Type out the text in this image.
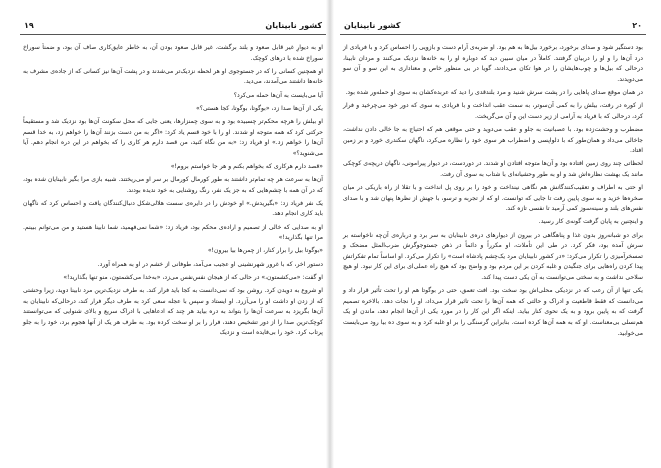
کشور نابینایان
۱۹

او به دیوارِ غیر قابل صعود و بلند برگشت. غیر قابل صعود بودن آن، به خاطر عایق‌کاری صاف آن بود، و ضمناً سوراخ سوراخ شده با درهای کوچک.

او همچنین کسانی را که در جستوجوی او هر لحظه نزدیک‌تر می‌شدند و در پشت آن‌ها نیز کسانی که از جاده‌ی مشرف به خانه‌ها داشتند می‌آمدند، می‌دید.

آیا می‌بایست به آن‌ها حمله می‌کرد؟

یکی از آن‌ها صدا زد، «بوگوتا، بوگوتا، کجا هستی؟»

او بیلش را هرچه محکم‌تر چسبیده بود و به سوی چمنزارها، یعنی جایی که محل سکونت آن‌ها بود نزدیک شد و مستقیماً حرکتی کرد که همه متوجه او شدند. او را با خود قسم یاد کرد: «اگر به من دست بزنند آن‌ها را خواهم زد، به خدا قسم آن‌ها را خواهم زد.» او فریاد زد: «به من نگاه کنید، من قصد دارم هر کاری را که بخواهم در این دره انجام دهم. آیا می‌شنوید؟»

«قصد دارم هرکاری که بخواهم بکنم و هر جا خواستم بروم!»

آن‌ها به سرعت هر چه تمام‌تر داشتند به طور کورمال کورمال بر سر او می‌ریختند. شبیه بازی مرا بگیر نابینایان شده بود، که در آن همه با چشم‌هایی که به جز یک نفر، رنگ روشنایی به خود ندیده بودند.

یک نفر فریاد زد: «بگیریدش.» او خودش را در دایره‌ی سست هلالی‌شکل دنبال‌کنندگان یافت و احساس کرد که ناگهان باید کاری انجام دهد.

او به صدایی که خالی از تصمیم و اراده‌ی محکم بود، فریاد زد: «شما نمی‌فهمید، شما نابینا هستید و من می‌توانم ببینم. مرا تنها بگذارید!»

«بوگوتا بیل را برار کنار، از چمن‌ها بیا بیرون!»

دستور اخر، که با غرور شهرنشینی او عجیب می‌آمد، طوفانی از خشم در او به همراه آورد.

او گفت: «می‌کشمتون،» در حالی که از هیجان نفس‌نفس می‌زد، «به‌خدا می‌کشمتون، منو تنها بگذارید!»

او شروع به دویدن کرد. روشن بود که نمی‌دانست به کجا باید فرار کند. به طرف نزدیک‌ترین مرد نابینا دوید، زیرا وحشتی که از زدن او داشت او را می‌آزرد. او ایستاد و سپس با عجله سعی کرد به طرف دیگر فرار کند، درحالی‌که نابینایان به آن‌ها بگریزد به سرعت آن‌ها را بتواند به دره بیاید هر چند که ادعاهایی با ادراک سریع و بالای شنوایی که می‌توانستند کوچک‌ترین صدا را از دور تشخیص دهند، فرار را بر او سخت کرده بود. به طرف هر یک از آنها هجوم برد، خود را به جلو پرتاب کرد. خود را بی‌فایده است و نزدیک

کشور نابینایان	۲۰

بود دستگیر شود و صدای برخورد، برخورد بیل‌ها به هم بود. او ضربه‌ی آرام دست و بازویی را احساس کرد و با فریادی از درد آن‌ها را و او را دربیان گرفتند. کاملاً در میان سیبن دید که دوباره او را به خانه‌ها نزدیک می‌کنند و مردان نابینا، درحالی که بیل‌ها و چوب‌هایشان را در هوا تکان می‌دادند، گویا در بی منظور خاص و معناداری به این سو و آن سو می‌دویدند.

در همان موقع صدای پاهایی را در پشت سرش شنید و مرد بلندقدی را دید که عربده‌کشان به سوی او حمله‌ور شده بود.

از کوره در رفت، بیلش را به کمی آن‌سوتر، به سمت عقب انداخت و با فریادی به سوی که دور خود می‌چرخید و فرار کرد، درحالی که با فریاد به آرامی از زیر دست این و آن می‌گریخت.

مضطرب و وحشت‌زده بود. با عصبانیت به جلو و عقب می‌دوید و حتی موقعی هم که احتیاج به جا خالی دادن نداشت، جاخالی می‌داد و همان‌طور که با دلواپسی و اضطراب هر سوی خود را نظاره می‌کرد، ناگهان سکندری خورد و بر زمین افتاد.

لحظاتی چند روی زمین افتاده بود و آن‌ها متوجه افتادن او شدند. در دوردست، در دیوار پیرامونی، ناگهان دریچه‌ی کوچکی مانند یک بهشت نظاره‌اش شد و او به طور وحشیانه‌ای با شتاب به سوی آن رفت.

او حتی به اطراف و تعقیب‌کنندگانش هم نگاهی نینداخت و خود را بر روی پل انداخت و با تقلا از راه باریکی در میان صخره‌ها خزید و به سوی پایین رفت تا جایی که توانست. او که از تجربه و ترسو، با جهش از نظرها پنهان شد و با صدای نفس‌های بلند و سینه‌سوز کمی آرمید تا نفسی تازه کند.

و اینچنین به پایان گرفت گونه‌ی کار رسید.

برای دو شبانه‌روز بدون غذا و پناهگاهی در بیرون از دیوارهای دره‌ی نابینایان به سر برد و درباره‌ی آن‌چه ناخواسته بر سرش آمده بود، فکر کرد. در طی این تأملات، او مکرراً و دائماً در ذهن جستوجوگرش ضرب‌المثل مضحک و تمسخرآمیزی را تکرار می‌کرد: «در کشور نابینایان مرد یک‌چشم پادشاه است» را تکرار می‌کرد. او اساساً تمام تفکراتش پیدا کردن راه‌هایی برای جنگیدن و غلبه کردن بر این مردم بود و واضح بود که هیچ راه عملی‌ای برای این کار نبود. او هیچ سلاحی نداشت و به سختی می‌توانست به آن یکی دست پیدا کند.

یکی تنها از آن رعب که در نزدیکی محلی‌اش بود سخت بود. افت تعمق، حتی در بوگوتا هم او را تحت تأثیر قرار داد و می‌دانست که فقط قاطعیت و ادراک و حالتی که همه آن‌ها را تحت تاثیر قرار می‌داد، او را نجات دهد. بالاخره تصمیم گرفت که به پایین برود و به یک نحوی کنار بیاید. اینکه اگر این کار را در مورد یکی از آن‌ها انجام دهد، ماندن او یک هم‌نسلی بی‌معناست. او که به همه آن‌ها کرده است. بنابراین گرسنگی را بر او غلبه کرد و به سوی ده بیا رود می‌بایست می‌خوابید.
